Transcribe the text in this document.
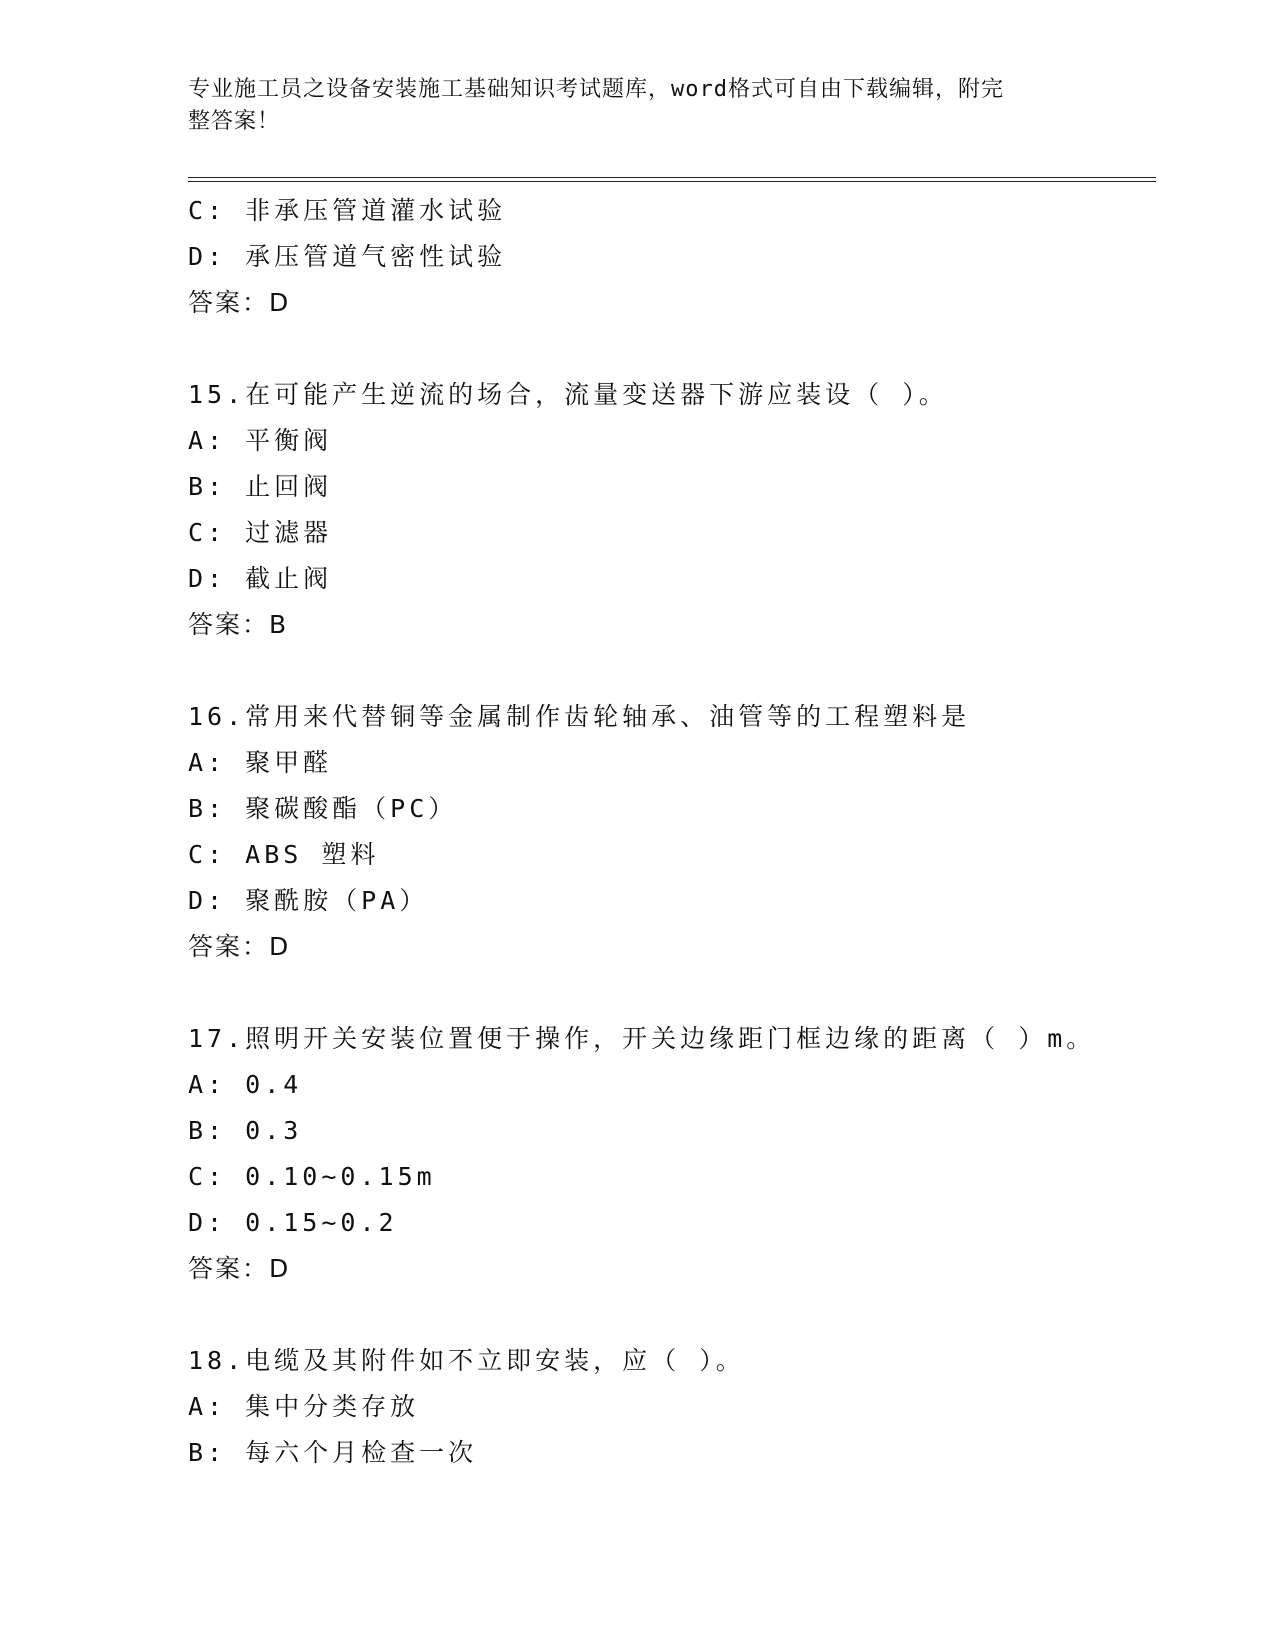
专业施工员之设备安装施工基础知识考试题库，word格式可自由下载编辑，附完
整答案！
C: 非承压管道灌水试验
D: 承压管道气密性试验
答案：D
15.在可能产生逆流的场合，流量变送器下游应装设（ ）。
A: 平衡阀
B: 止回阀
C: 过滤器
D: 截止阀
答案：B
16.常用来代替铜等金属制作齿轮轴承、油管等的工程塑料是
A: 聚甲醛
B: 聚碳酸酯（PC）
C: ABS 塑料
D: 聚酰胺（PA）
答案：D
17.照明开关安装位置便于操作，开关边缘距门框边缘的距离（ ）m。
A: 0.4
B: 0.3
C: 0.10~0.15m
D: 0.15~0.2
答案：D
18.电缆及其附件如不立即安装，应（ ）。
A: 集中分类存放
B: 每六个月检查一次
